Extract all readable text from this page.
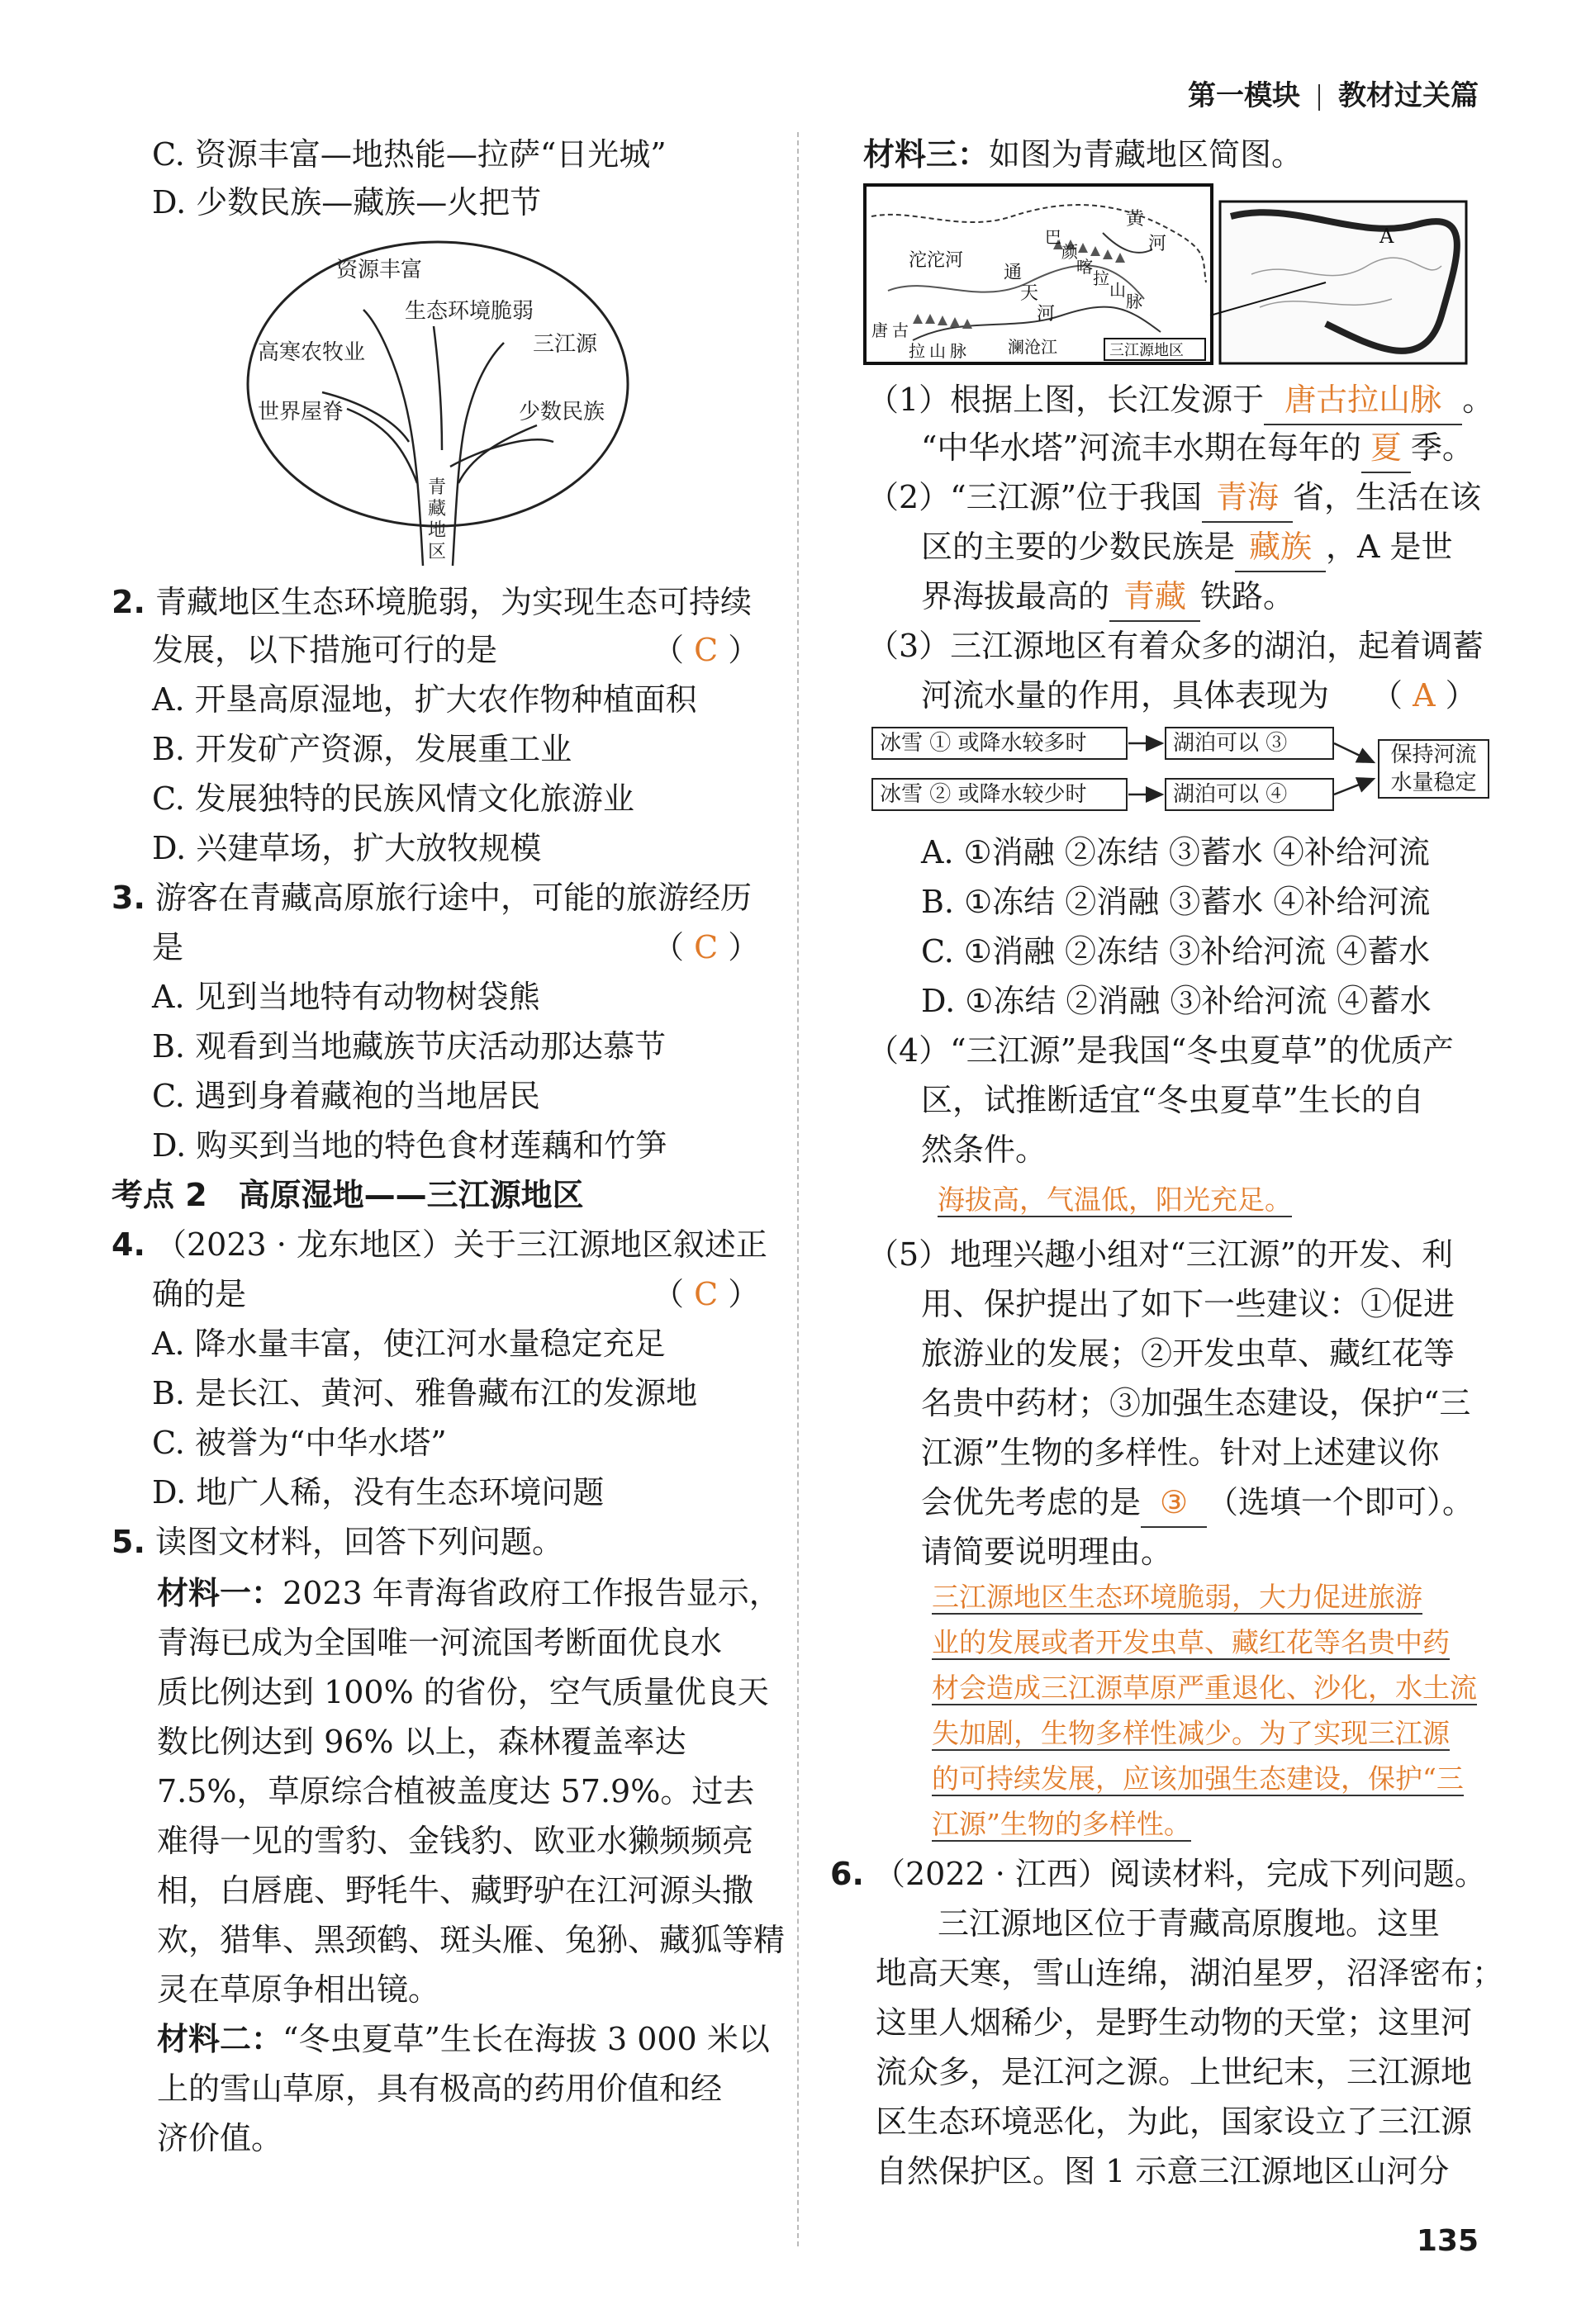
第一模块 教材过关篇
C. 资源丰富—地热能—拉萨“日光城”
D. 少数民族—藏族—火把节
资源丰富
生态环境脆弱
高寒农牧业	三江源
世界屋脊	少数民族
青
藏
地
区
2. 青藏地区生态环境脆弱，为实现生态可持续
发展，以下措施可行的是	（ C ）
A. 开垦高原湿地，扩大农作物种植面积
B. 开发矿产资源，发展重工业
C. 发展独特的民族风情文化旅游业
D. 兴建草场，扩大放牧规模
3. 游客在青藏高原旅行途中，可能的旅游经历
是	（ C ）
A. 见到当地特有动物树袋熊
B. 观看到当地藏族节庆活动那达慕节
C. 遇到身着藏袍的当地居民
D. 购买到当地的特色食材莲藕和竹笋
考点 2　高原湿地——三江源地区
4. （2023 · 龙东地区）关于三江源地区叙述正
确的是	（ C ）
A. 降水量丰富，使江河水量稳定充足
B. 是长江、黄河、雅鲁藏布江的发源地
C. 被誉为“中华水塔”
D. 地广人稀，没有生态环境问题
5. 读图文材料，回答下列问题。
材料一：2023 年青海省政府工作报告显示，
青海已成为全国唯一河流国考断面优良水
质比例达到 100% 的省份，空气质量优良天
数比例达到 96% 以上，森林覆盖率达
7.5%，草原综合植被盖度达 57.9%。过去
难得一见的雪豹、金钱豹、欧亚水獭频频亮
相，白唇鹿、野牦牛、藏野驴在江河源头撒
欢，猎隼、黑颈鹤、斑头雁、兔狲、藏狐等精
灵在草原争相出镜。
材料二：“冬虫夏草”生长在海拔 3 000 米以
上的雪山草原，具有极高的药用价值和经
济价值。
材料三：如图为青藏地区简图。
沱沱河
通
天
河
巴
颜
喀
拉
山
脉
黄
河
唐 古
拉 山 脉	澜沧江	三江源地区
A
（1）根据上图，长江发源于 唐古拉山脉 。
“中华水塔”河流丰水期在每年的 夏 季。
（2）“三江源”位于我国 青海 省，生活在该
区的主要的少数民族是 藏族 ，A 是世
界海拔最高的 青藏 铁路。
（3）三江源地区有着众多的湖泊，起着调蓄
河流水量的作用，具体表现为 （ A ）
冰雪 ① 或降水较多时	湖泊可以 ③
冰雪 ② 或降水较少时	湖泊可以 ④
保持河流
水量稳定
A. ①消融 ②冻结 ③蓄水 ④补给河流
B. ①冻结 ②消融 ③蓄水 ④补给河流
C. ①消融 ②冻结 ③补给河流 ④蓄水
D. ①冻结 ②消融 ③补给河流 ④蓄水
（4）“三江源”是我国“冬虫夏草”的优质产
区，试推断适宜“冬虫夏草”生长的自
然条件。
海拔高，气温低，阳光充足。
（5）地理兴趣小组对“三江源”的开发、利
用、保护提出了如下一些建议：①促进
旅游业的发展；②开发虫草、藏红花等
名贵中药材；③加强生态建设，保护“三
江源”生物的多样性。针对上述建议你
会优先考虑的是 ③ （选填一个即可）。
请简要说明理由。
三江源地区生态环境脆弱，大力促进旅游
业的发展或者开发虫草、藏红花等名贵中药
材会造成三江源草原严重退化、沙化，水土流
失加剧，生物多样性减少。为了实现三江源
的可持续发展，应该加强生态建设，保护“三
江源”生物的多样性。
6. （2022 · 江西）阅读材料，完成下列问题。
三江源地区位于青藏高原腹地。这里
地高天寒，雪山连绵，湖泊星罗，沼泽密布；
这里人烟稀少，是野生动物的天堂；这里河
流众多，是江河之源。上世纪末，三江源地
区生态环境恶化，为此，国家设立了三江源
自然保护区。图 1 示意三江源地区山河分
135
